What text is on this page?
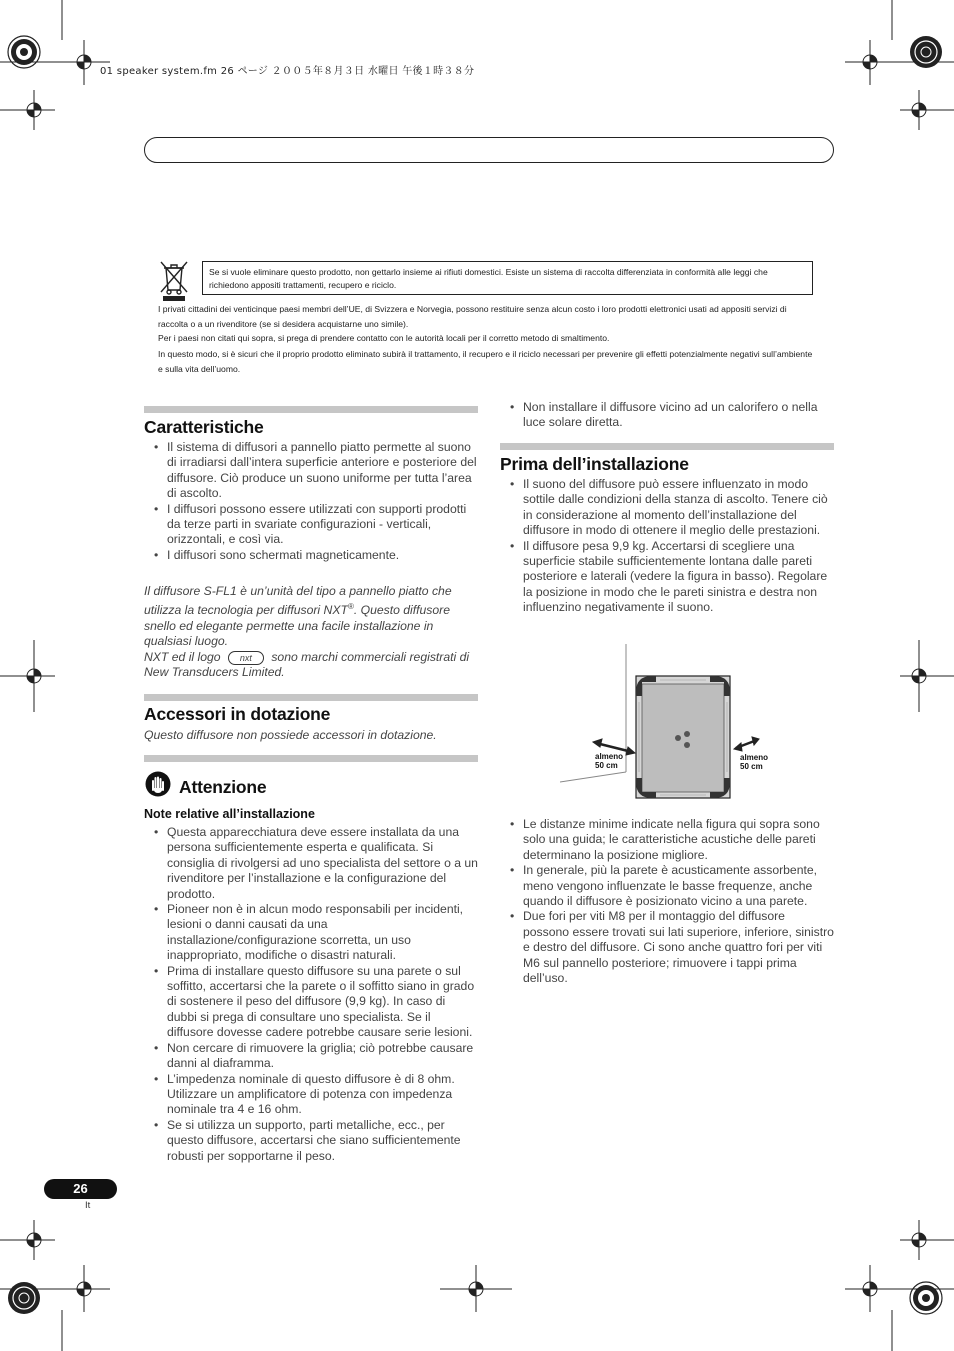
01 speaker system.fm 26 ページ ２００５年８月３日 水曜日 午後１時３８分
Se si vuole eliminare questo prodotto, non gettarlo insieme ai rifiuti domestici. Esiste un sistema di raccolta differenziata in conformità alle leggi che richiedono appositi trattamenti, recupero e riciclo.

I privati cittadini dei venticinque paesi membri dell’UE, di Svizzera e Norvegia, possono restituire senza alcun costo i loro prodotti elettronici usati ad appositi servizi di raccolta o a un rivenditore (se si desidera acquistarne uno simile).

Per i paesi non citati qui sopra, si prega di prendere contatto con le autorità locali per il corretto metodo di smaltimento.

In questo modo, si è sicuri che il proprio prodotto eliminato subirà il trattamento, il recupero e il riciclo necessari per prevenire gli effetti potenzialmente negativi sull’ambiente e sulla vita dell’uomo.

Caratteristiche
• Il sistema di diffusori a pannello piatto permette al suono di irradiarsi dall’intera superficie anteriore e posteriore del diffusore. Ciò produce un suono uniforme per tutta l’area di ascolto.
• I diffusori possono essere utilizzati con supporti prodotti da terze parti in svariate configurazioni - verticali, orizzontali, e così via.
• I diffusori sono schermati magneticamente.

Il diffusore S-FL1 è un’unità del tipo a pannello piatto che utilizza la tecnologia per diffusori NXT®. Questo diffusore snello ed elegante permette una facile installazione in qualsiasi luogo.

NXT ed il logo nxt sono marchi commerciali registrati di New Transducers Limited.

Accessori in dotazione

Questo diffusore non possiede accessori in dotazione.

Attenzione

Note relative all’installazione

• Questa apparecchiatura deve essere installata da una persona sufficientemente esperta e qualificata. Si consiglia di rivolgersi ad uno specialista del settore o a un rivenditore per l’installazione e la configurazione del prodotto.
• Pioneer non è in alcun modo responsabili per incidenti, lesioni o danni causati da una installazione/configurazione scorretta, un uso inappropriato, modifiche o disastri naturali.
• Prima di installare questo diffusore su una parete o sul soffitto, accertarsi che la parete o il soffitto siano in grado di sostenere il peso del diffusore (9,9 kg). In caso di dubbi si prega di consultare uno specialista. Se il diffusore dovesse cadere potrebbe causare serie lesioni.
• Non cercare di rimuovere la griglia; ciò potrebbe causare danni al diaframma.
• L’impedenza nominale di questo diffusore è di 8 ohm. Utilizzare un amplificatore di potenza con impedenza nominale tra 4 e 16 ohm.
• Se si utilizza un supporto, parti metalliche, ecc., per questo diffusore, accertarsi che siano sufficientemente robusti per sopportarne il peso.
• Non installare il diffusore vicino ad un calorifero o nella luce solare diretta.
Prima dell’installazione
• Il suono del diffusore può essere influenzato in modo sottile dalle condizioni della stanza di ascolto. Tenere ciò in considerazione al momento dell’installazione del diffusore in modo di ottenere il meglio delle prestazioni.
• Il diffusore pesa 9,9 kg. Accertarsi di scegliere una superficie stabile sufficientemente lontana dalle pareti posteriore e laterali (vedere la figura in basso). Regolare la posizione in modo che le pareti sinistra e destra non influenzino negativamente il suono.
almeno
50 cm
almeno
50 cm
• Le distanze minime indicate nella figura qui sopra sono solo una guida; le caratteristiche acustiche delle pareti determinano la posizione migliore.
• In generale, più la parete è acusticamente assorbente, meno vengono influenzate le basse frequenze, anche quando il diffusore è posizionato vicino a una parete.
• Due fori per viti M8 per il montaggio del diffusore possono essere trovati sui lati superiore, inferiore, sinistro e destro del diffusore. Ci sono anche quattro fori per viti M6 sul pannello posteriore; rimuovere i tappi prima dell’uso.
26
It
